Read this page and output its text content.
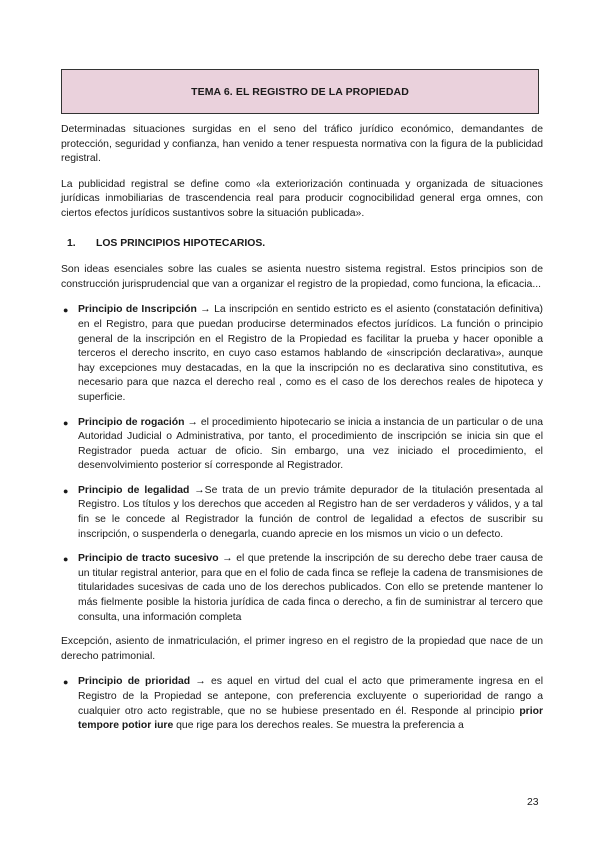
TEMA 6. EL REGISTRO DE LA PROPIEDAD

Determinadas situaciones surgidas en el seno del tráfico jurídico económico, demandantes de protección, seguridad y confianza, han venido a tener respuesta normativa con la figura de la publicidad registral.

La publicidad registral se define como «la exteriorización continuada y organizada de situaciones jurídicas inmobiliarias de trascendencia real para producir cognocibilidad general erga omnes, con ciertos efectos jurídicos sustantivos sobre la situación publicada».

1.	LOS PRINCIPIOS HIPOTECARIOS.

Son ideas esenciales sobre las cuales se asienta nuestro sistema registral. Estos principios son de construcción jurisprudencial que van a organizar el registro de la propiedad, como funciona, la eficacia...

● Principio de Inscripción → La inscripción en sentido estricto es el asiento (constatación definitiva) en el Registro, para que puedan producirse determinados efectos jurídicos. La función o principio general de la inscripción en el Registro de la Propiedad es facilitar la prueba y hacer oponible a terceros el derecho inscrito, en cuyo caso estamos hablando de «inscripción declarativa», aunque hay excepciones muy destacadas, en la que la inscripción no es declarativa sino constitutiva, es necesario para que nazca el derecho real , como es el caso de los derechos reales de hipoteca y superficie.
● Principio de rogación → el procedimiento hipotecario se inicia a instancia de un particular o de una Autoridad Judicial o Administrativa, por tanto, el procedimiento de inscripción se inicia sin que el Registrador pueda actuar de oficio. Sin embargo, una vez iniciado el procedimiento, el desenvolvimiento posterior sí corresponde al Registrador.
● Principio de legalidad →Se trata de un previo trámite depurador de la titulación presentada al Registro. Los títulos y los derechos que acceden al Registro han de ser verdaderos y válidos, y a tal fin se le concede al Registrador la función de control de legalidad a efectos de suscribir su inscripción, o suspenderla o denegarla, cuando aprecie en los mismos un vicio o un defecto.
● Principio de tracto sucesivo → el que pretende la inscripción de su derecho debe traer causa de un titular registral anterior, para que en el folio de cada finca se refleje la cadena de transmisiones de titularidades sucesivas de cada uno de los derechos publicados. Con ello se pretende mantener lo más fielmente posible la historia jurídica de cada finca o derecho, a fin de suministrar al tercero que consulta, una información completa

Excepción, asiento de inmatriculación, el primer ingreso en el registro de la propiedad que nace de un derecho patrimonial.

● Principio de prioridad → es aquel en virtud del cual el acto que primeramente ingresa en el Registro de la Propiedad se antepone, con preferencia excluyente o superioridad de rango a cualquier otro acto registrable, que no se hubiese presentado en él. Responde al principio prior tempore potior iure que rige para los derechos reales. Se muestra la preferencia a
23
